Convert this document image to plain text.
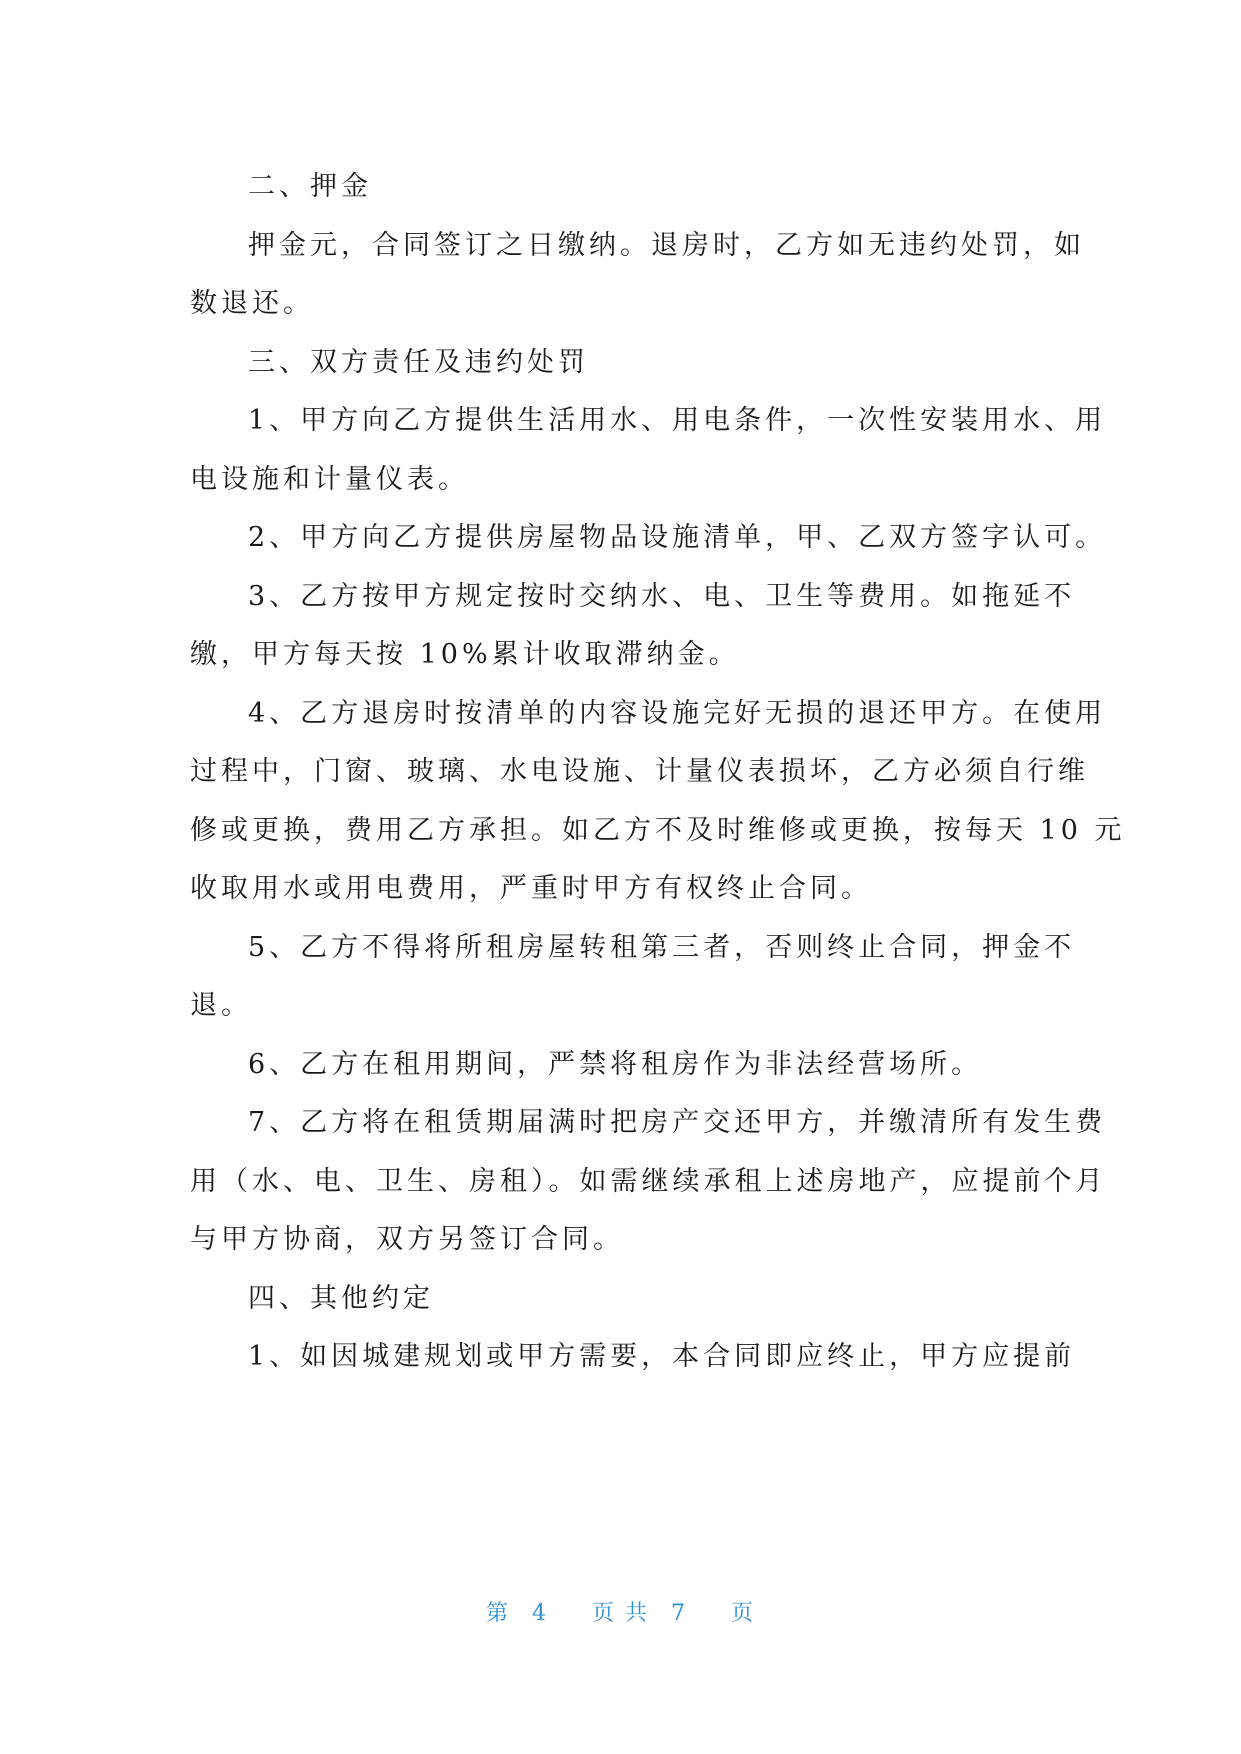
二、押金
押金元，合同签订之日缴纳。退房时，乙方如无违约处罚，如
数退还。
三、双方责任及违约处罚
1、甲方向乙方提供生活用水、用电条件，一次性安装用水、用
电设施和计量仪表。
2、甲方向乙方提供房屋物品设施清单，甲、乙双方签字认可。
3、乙方按甲方规定按时交纳水、电、卫生等费用。如拖延不
缴，甲方每天按 10%累计收取滞纳金。
4、乙方退房时按清单的内容设施完好无损的退还甲方。在使用
过程中，门窗、玻璃、水电设施、计量仪表损坏，乙方必须自行维
修或更换，费用乙方承担。如乙方不及时维修或更换，按每天 10 元
收取用水或用电费用，严重时甲方有权终止合同。
5、乙方不得将所租房屋转租第三者，否则终止合同，押金不
退。
6、乙方在租用期间，严禁将租房作为非法经营场所。
7、乙方将在租赁期届满时把房产交还甲方，并缴清所有发生费
用（水、电、卫生、房租）。如需继续承租上述房地产，应提前个月
与甲方协商，双方另签订合同。
四、其他约定
1、如因城建规划或甲方需要，本合同即应终止，甲方应提前
第 4 页 共 7 页
